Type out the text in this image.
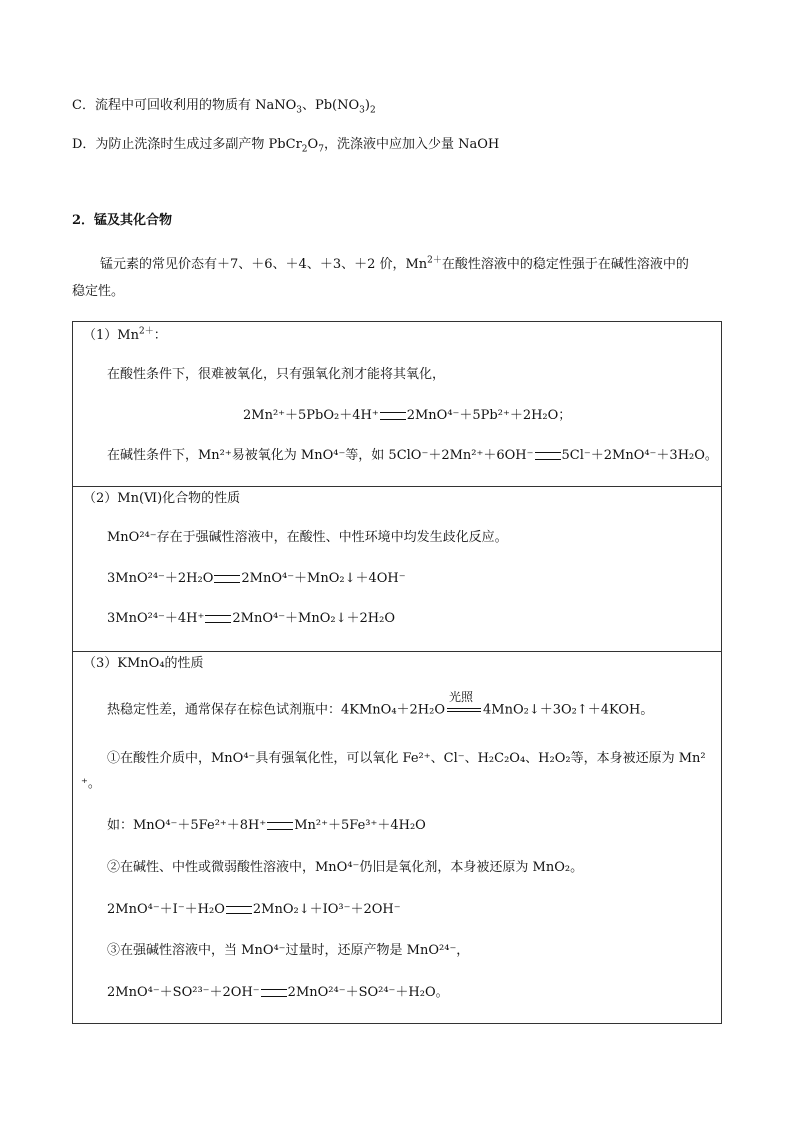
C．流程中可回收利用的物质有 NaNO$_3$、$Pb(NO_3)_2$
D．为防止洗涤时生成过多副产物 $PbCr_2O_7$，洗涤液中应加入少量 NaOH
2．锰及其化合物
锰元素的常见价态有＋7、＋6、＋4、＋3、＋2 价，$Mn^{2+}$在酸性溶液中的稳定性强于在碱性溶液中的
稳定性。
$(1)Mn^{2+}$：
在酸性条件下，很难被氧化，只有强氧化剂才能将其氧化，
2Mn²⁺＋5PbO₂＋4H⁺ 2MnO⁴⁻＋5Pb²⁺＋2H₂O；
在碱性条件下，Mn²⁺易被氧化为 MnO⁴⁻等，如 5ClO⁻＋2Mn²⁺＋6OH⁻ 5Cl⁻＋2MnO⁴⁻＋3H₂O。
（2）Mn(Ⅵ)化合物的性质
MnO²⁴⁻存在于强碱性溶液中，在酸性、中性环境中均发生歧化反应。
3MnO²⁴⁻＋2H₂O 2MnO⁴⁻＋MnO₂↓＋4OH⁻
3MnO²⁴⁻＋4H⁺ 2MnO⁴⁻＋MnO₂↓＋2H₂O
（3）KMnO₄的性质
热稳定性差，通常保存在棕色试剂瓶中：4KMnO₄＋2H₂O
光照
4MnO₂↓＋3O₂↑＋4KOH。
①在酸性介质中，MnO⁴⁻具有强氧化性，可以氧化 Fe²⁺、Cl⁻、H₂C₂O₄、H₂O₂等，本身被还原为 Mn²
⁺。
如：MnO⁴⁻＋5Fe²⁺＋8H⁺ Mn²⁺＋5Fe³⁺＋4H₂O
②在碱性、中性或微弱酸性溶液中，MnO⁴⁻仍旧是氧化剂，本身被还原为 MnO₂。
2MnO⁴⁻＋I⁻＋H₂O 2MnO₂↓＋IO³⁻＋2OH⁻
③在强碱性溶液中，当 MnO⁴⁻过量时，还原产物是 MnO²⁴⁻，
2MnO⁴⁻＋SO²³⁻＋2OH⁻ 2MnO²⁴⁻＋SO²⁴⁻＋H₂O。
